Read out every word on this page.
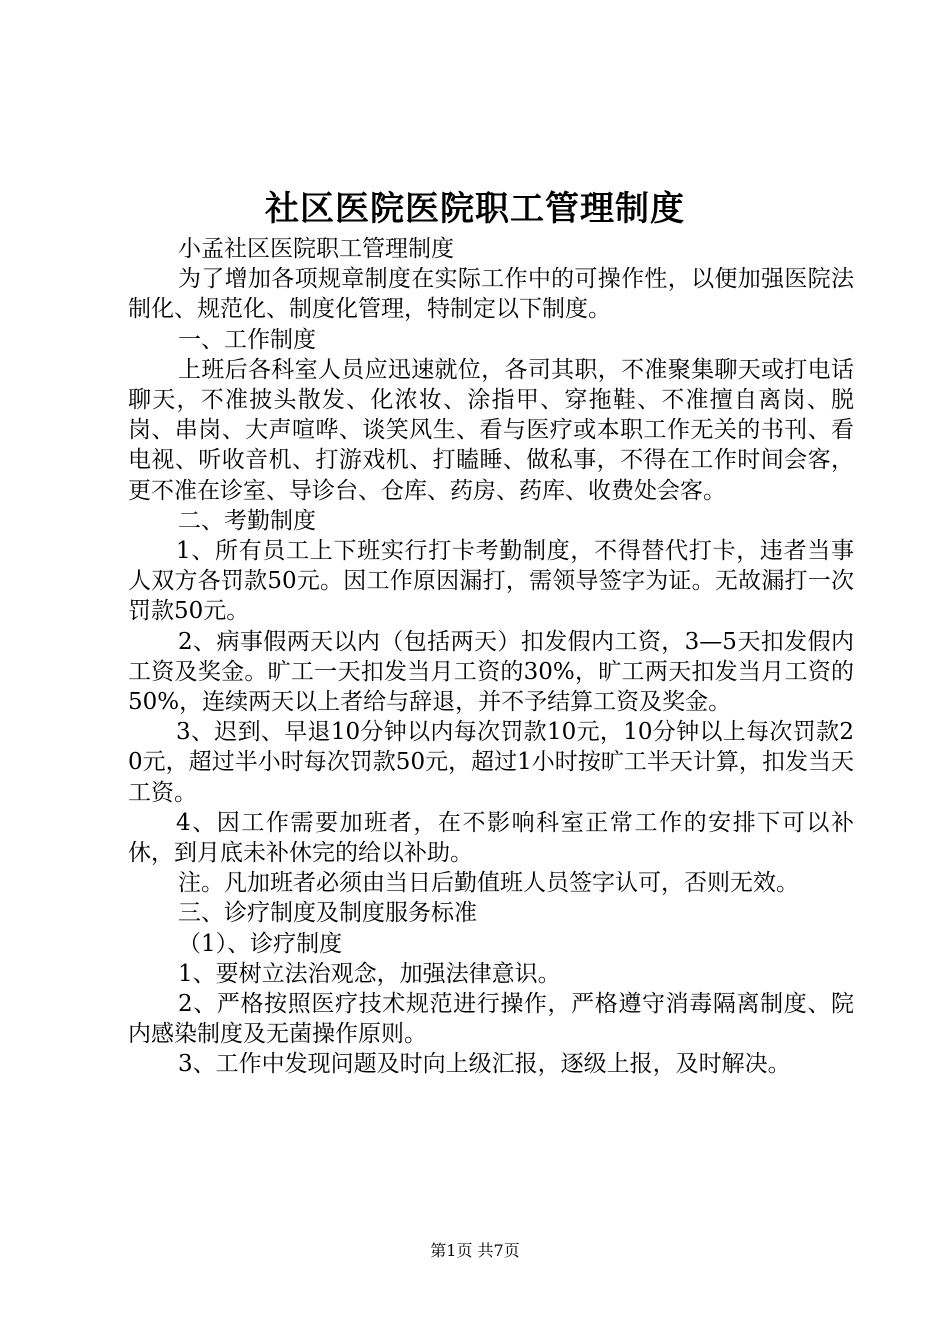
社区医院医院职工管理制度

小孟社区医院职工管理制度

为了增加各项规章制度在实际工作中的可操作性，以便加强医院法制化、规范化、制度化管理，特制定以下制度。

一、工作制度

上班后各科室人员应迅速就位，各司其职，不准聚集聊天或打电话聊天，不准披头散发、化浓妆、涂指甲、穿拖鞋、不准擅自离岗、脱岗、串岗、大声喧哗、谈笑风生、看与医疗或本职工作无关的书刊、看电视、听收音机、打游戏机、打瞌睡、做私事，不得在工作时间会客，更不准在诊室、导诊台、仓库、药房、药库、收费处会客。

二、考勤制度

1、所有员工上下班实行打卡考勤制度，不得替代打卡，违者当事人双方各罚款50元。因工作原因漏打，需领导签字为证。无故漏打一次罚款50元。

2、病事假两天以内（包括两天）扣发假内工资，3—5天扣发假内工资及奖金。旷工一天扣发当月工资的30%，旷工两天扣发当月工资的50%，连续两天以上者给与辞退，并不予结算工资及奖金。

3、迟到、早退10分钟以内每次罚款10元，10分钟以上每次罚款20元，超过半小时每次罚款50元，超过1小时按旷工半天计算，扣发当天工资。

4、因工作需要加班者，在不影响科室正常工作的安排下可以补休，到月底未补休完的给以补助。

注。凡加班者必须由当日后勤值班人员签字认可，否则无效。

三、诊疗制度及制度服务标准

（1）、诊疗制度

1、要树立法治观念，加强法律意识。

2、严格按照医疗技术规范进行操作，严格遵守消毒隔离制度、院内感染制度及无菌操作原则。

3、工作中发现问题及时向上级汇报，逐级上报，及时解决。

第1页 共7页
